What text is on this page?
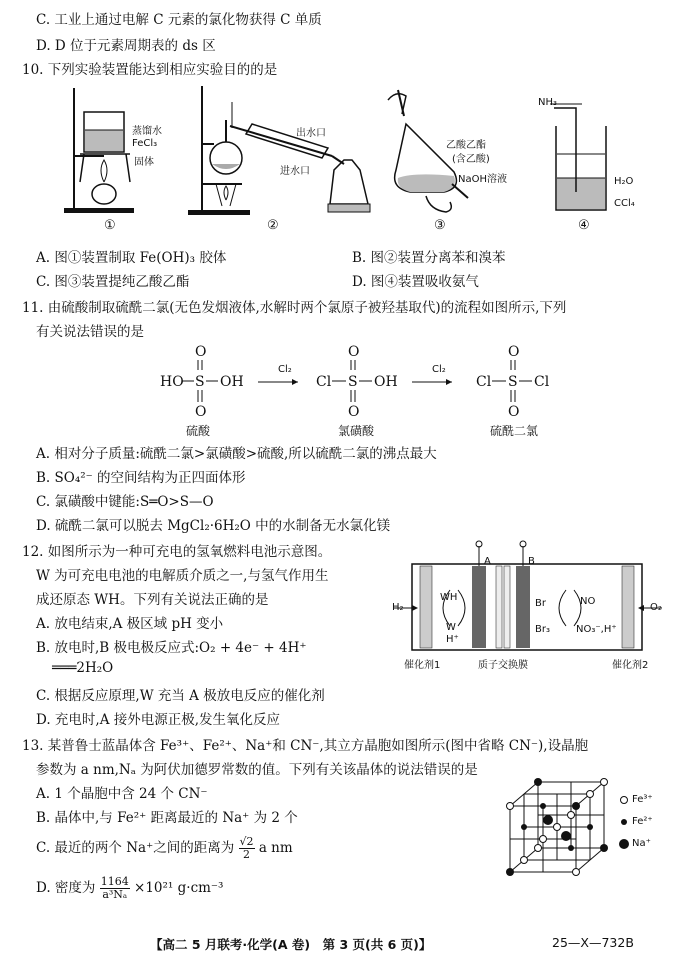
C. 工业上通过电解 C 元素的氯化物获得 C 单质
D. D 位于元素周期表的 ds 区
10. 下列实验装置能达到相应实验目的的是
蒸馏水
FeCl₃
固体
①
出水口
进水口
②
乙酸乙酯
(含乙酸)
NaOH溶液
③
NH₃
H₂O
CCl₄
④
A. 图①装置制取 Fe(OH)₃ 胶体	B. 图②装置分离苯和溴苯
C. 图③装置提纯乙酸乙酯	D. 图④装置吸收氨气
11. 由硫酸制取硫酰二氯(无色发烟液体,水解时两个氯原子被羟基取代)的流程如图所示,下列
有关说法错误的是
HO S OH
O
O
Cl S OH
O
O
Cl S Cl
O
O
Cl₂	Cl₂
硫酸	氯磺酸	硫酰二氯
A. 相对分子质量:硫酰二氯>氯磺酸>硫酸,所以硫酰二氯的沸点最大
B. SO₄²⁻ 的空间结构为正四面体形
C. 氯磺酸中键能:S═O>S—O
D. 硫酰二氯可以脱去 MgCl₂·6H₂O 中的水制备无水氯化镁
12. 如图所示为一种可充电的氢氧燃料电池示意图。
W 为可充电电池的电解质介质之一,与氢气作用生
成还原态 WH。下列有关说法正确的是
A. 放电结束,A 极区域 pH 变小
B. 放电时,B 极电极反应式:O₂ + 4e⁻ + 4H⁺
═══2H₂O
C. 根据反应原理,W 充当 A 极放电反应的催化剂
D. 充电时,A 接外电源正极,发生氧化反应
H₂	O₂
WH
W
H⁺
Br
Br₃
NO
NO₃⁻,H⁺
A	B
催化剂1	质子交换膜	催化剂2
13. 某普鲁士蓝晶体含 Fe³⁺、Fe²⁺、Na⁺和 CN⁻,其立方晶胞如图所示(图中省略 CN⁻),设晶胞
参数为 a nm,Nₐ 为阿伏加德罗常数的值。下列有关该晶体的说法错误的是
A. 1 个晶胞中含 24 个 CN⁻
B. 晶体中,与 Fe²⁺ 距离最近的 Na⁺ 为 2 个
C. 最近的两个 Na⁺之间的距离为 $\frac{√2}{2}$ a nm
D. 密度为 $\frac{1164}{\text{a³Nₐ}} \times 10^{21}$ g·cm⁻³
Fe³⁺
Fe²⁺
Na⁺
【高二 5 月联考·化学(A 卷)　第 3 页(共 6 页)】	25—X—732B
